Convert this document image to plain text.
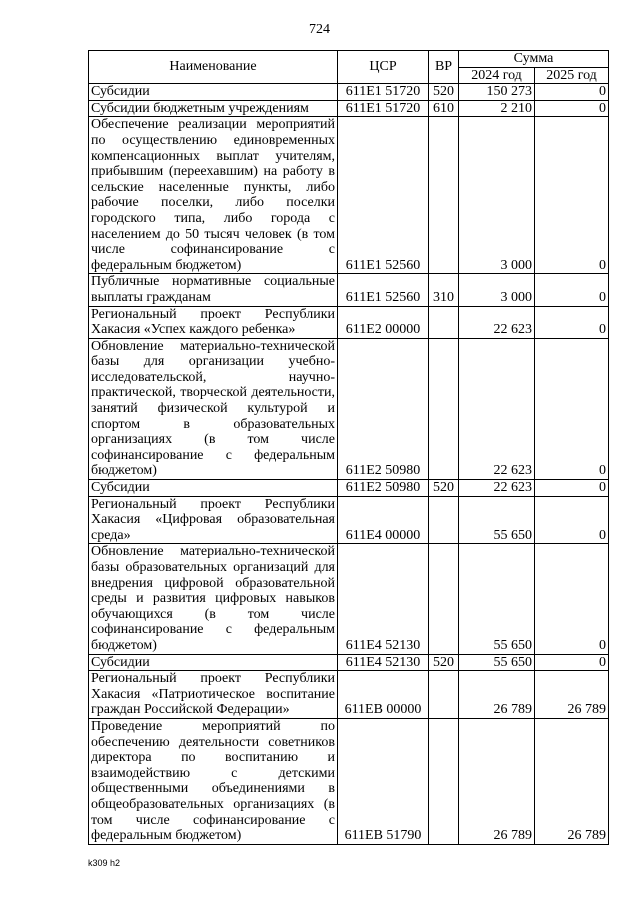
724
Наименование	ЦСР	ВР	Сумма	
			2024 год	2025 год
Субсидии	611E1 51720	520	150 273	0
Субсидии бюджетным учреждениям	611E1 51720	610	2 210	0
Обеспечение реализации мероприятий по осуществлению единовременных компенсационных выплат учителям, прибывшим (переехавшим) на работу в сельские населенные пункты, либо рабочие поселки, либо поселки городского типа, либо города с населением до 50 тысяч человек (в том числе софинансирование с федеральным бюджетом)	611E1 52560		3 000	0
Публичные нормативные социальные выплаты гражданам	611E1 52560	310	3 000	0
Региональный проект Республики Хакасия «Успех каждого ребенка»	611E2 00000		22 623	0
Обновление материально-технической базы для организации учебно-исследовательской, научно-практической, творческой деятельности, занятий физической культурой и спортом в образовательных организациях (в том числе софинансирование с федеральным бюджетом)	611E2 50980		22 623	0
Субсидии	611E2 50980	520	22 623	0
Региональный проект Республики Хакасия «Цифровая образовательная среда»	611E4 00000		55 650	0
Обновление материально-технической базы образовательных организаций для внедрения цифровой образовательной среды и развития цифровых навыков обучающихся (в том числе софинансирование с федеральным бюджетом)	611E4 52130		55 650	0
Субсидии	611E4 52130	520	55 650	0
Региональный проект Республики Хакасия «Патриотическое воспитание граждан Российской Федерации»	611EB 00000		26 789	26 789
Проведение мероприятий по обеспечению деятельности советников директора по воспитанию и взаимодействию с детскими общественными объединениями в общеобразовательных организациях (в том числе софинансирование с федеральным бюджетом)	611EB 51790		26 789	26 789
k309 h2
